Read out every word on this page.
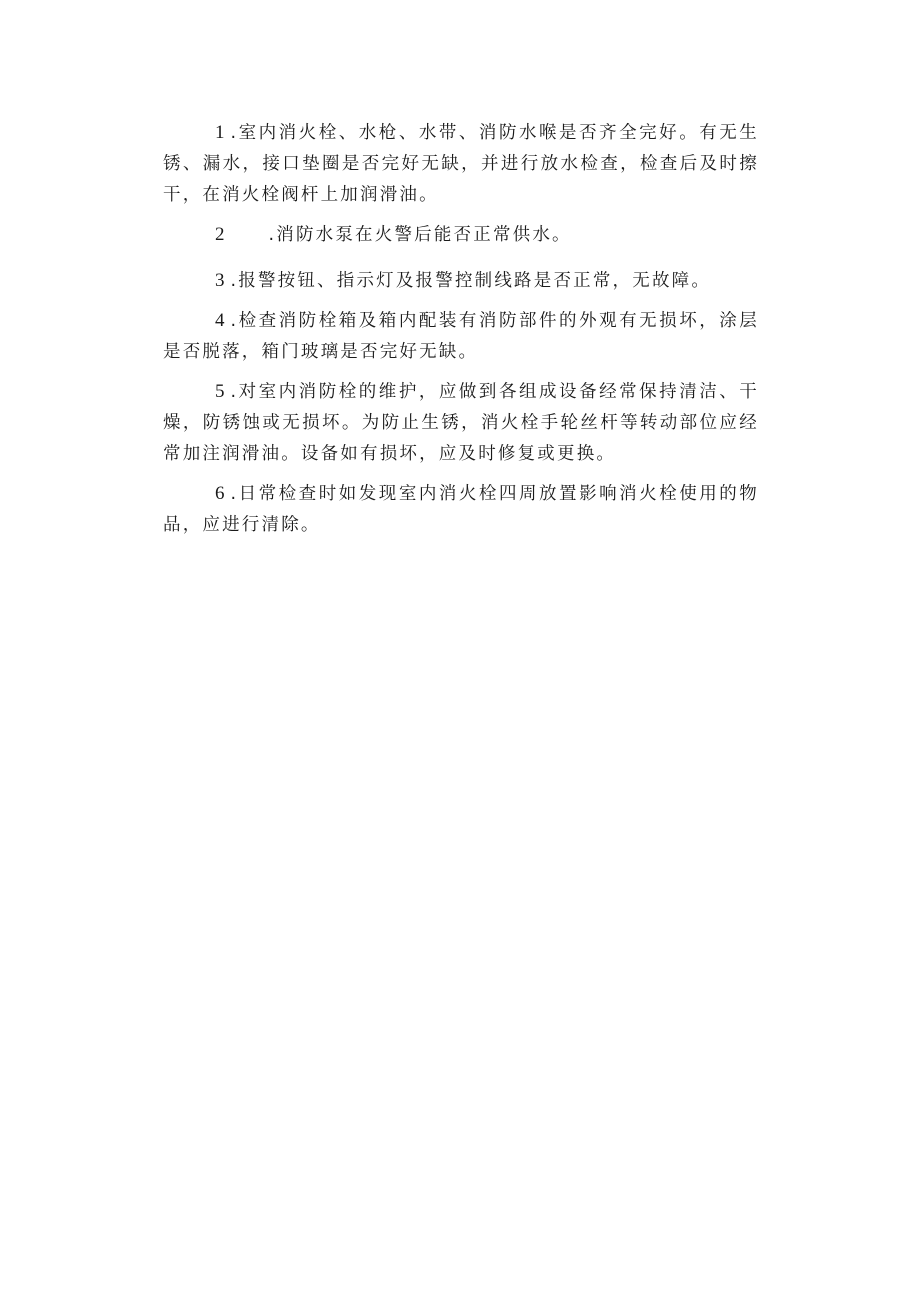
1 .室内消火栓、水枪、水带、消防水喉是否齐全完好。有无生锈、漏水，接口垫圈是否完好无缺，并进行放水检查，检查后及时擦干，在消火栓阀杆上加润滑油。

2	.消防水泵在火警后能否正常供水。

3 .报警按钮、指示灯及报警控制线路是否正常，无故障。

4 .检查消防栓箱及箱内配装有消防部件的外观有无损坏，涂层是否脱落，箱门玻璃是否完好无缺。

5 .对室内消防栓的维护，应做到各组成设备经常保持清洁、干燥，防锈蚀或无损坏。为防止生锈，消火栓手轮丝杆等转动部位应经常加注润滑油。设备如有损坏，应及时修复或更换。

6 .日常检查时如发现室内消火栓四周放置影响消火栓使用的物品，应进行清除。
